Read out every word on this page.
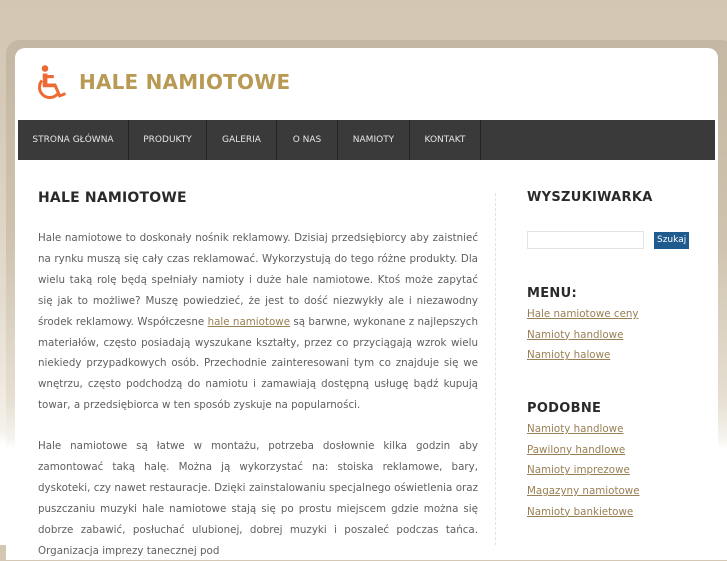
HALE NAMIOTOWE
STRONA GŁÓWNA	PRODUKTY	GALERIA	O NAS	NAMIOTY	KONTAKT
HALE NAMIOTOWE

Hale namiotowe to doskonały nośnik reklamowy. Dzisiaj przedsiębiorcy aby zaistnieć na rynku muszą się cały czas reklamować. Wykorzystują do tego różne produkty. Dla wielu taką rolę będą spełniały namioty i duże hale namiotowe. Ktoś może zapytać się jak to możliwe? Muszę powiedzieć, że jest to dość niezwykły ale i niezawodny środek reklamowy. Współczesne hale namiotowe są barwne, wykonane z najlepszych materiałów, często posiadają wyszukane kształty, przez co przyciągają wzrok wielu niekiedy przypadkowych osób. Przechodnie zainteresowani tym co znajduje się we wnętrzu, często podchodzą do namiotu i zamawiają dostępną usługę bądź kupują towar, a przedsiębiorca w ten sposób zyskuje na popularności.

Hale namiotowe są łatwe w montażu, potrzeba dosłownie kilka godzin aby zamontować taką halę. Można ją wykorzystać na: stoiska reklamowe, bary, dyskoteki, czy nawet restauracje. Dzięki zainstalowaniu specjalnego oświetlenia oraz puszczaniu muzyki hale namiotowe stają się po prostu miejscem gdzie można się dobrze zabawić, posłuchać ulubionej, dobrej muzyki i poszaleć podczas tańca. Organizacja imprezy tanecznej pod

WYSZUKIWARKA
Szukaj
MENU:
Hale namiotowe ceny
Namioty handlowe
Namioty halowe
PODOBNE
Namioty handlowe
Pawilony handlowe
Namioty imprezowe
Magazyny namiotowe
Namioty bankietowe
